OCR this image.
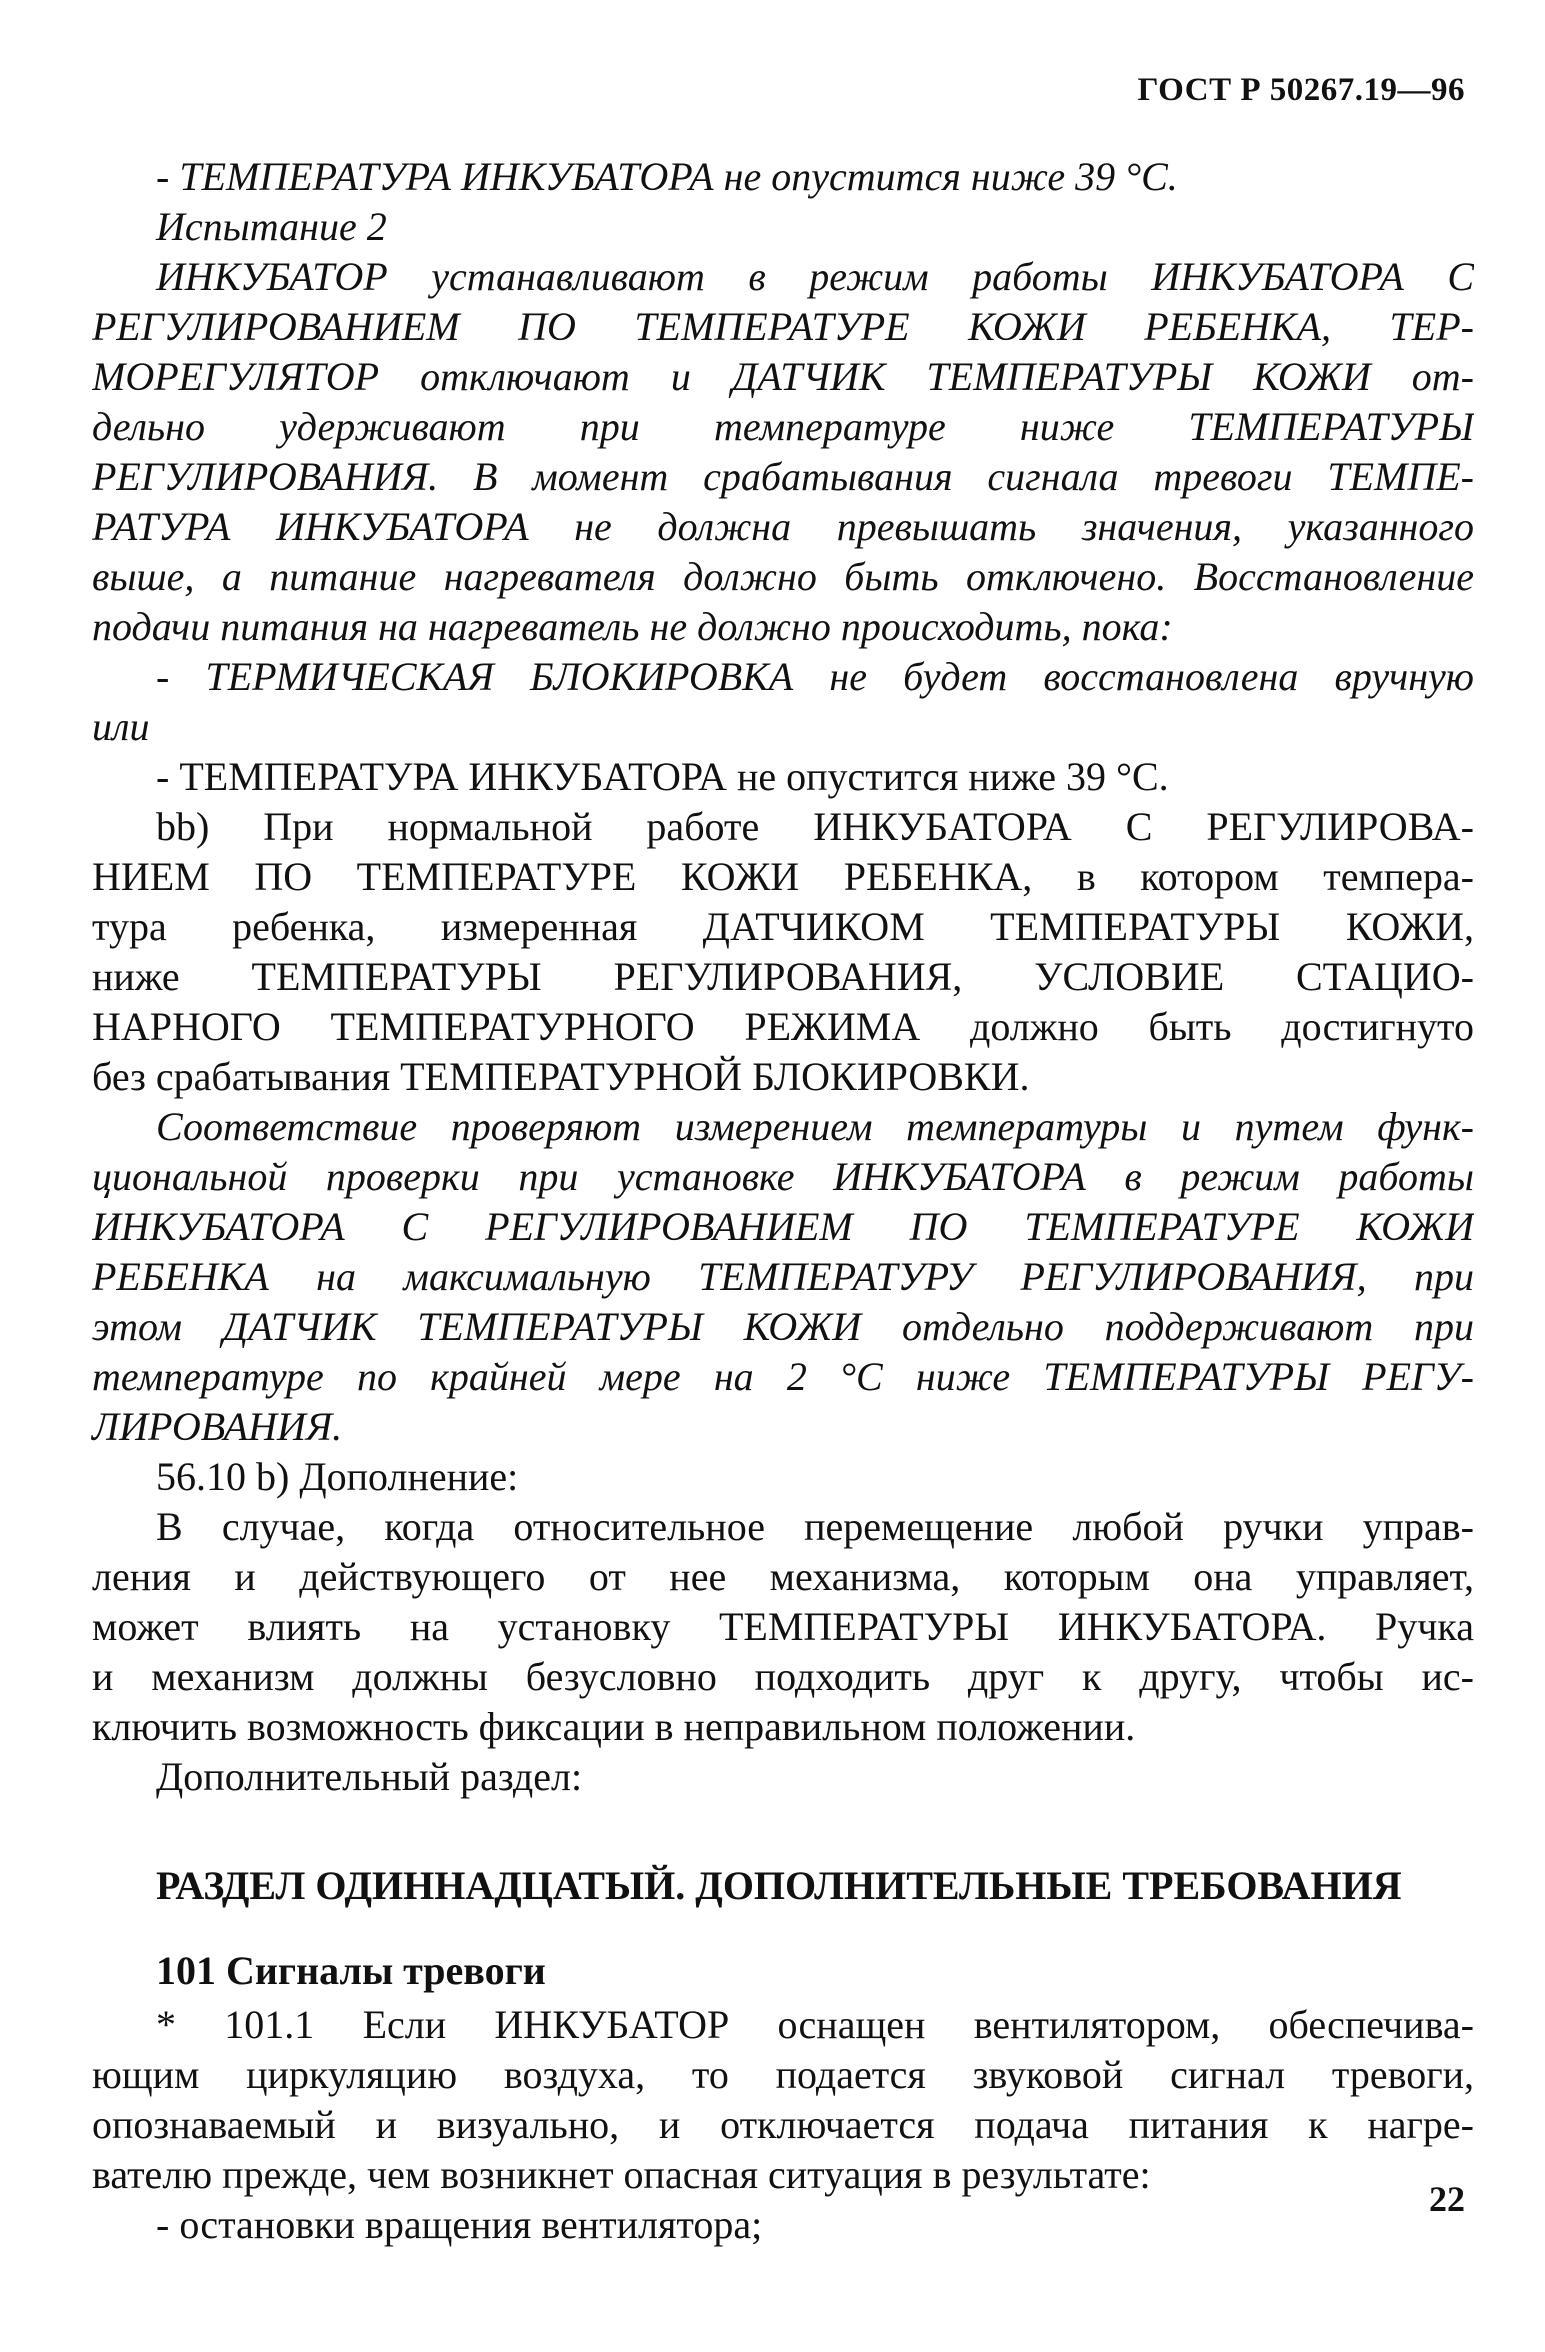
ГОСТ Р 50267.19—96
- ТЕМПЕРАТУРА ИНКУБАТОРА не опустится ниже 39 °С.
Испытание 2
ИНКУБАТОР устанавливают в режим работы ИНКУБАТОРА С
РЕГУЛИРОВАНИЕМ ПО ТЕМПЕРАТУРЕ КОЖИ РЕБЕНКА, ТЕР-
МОРЕГУЛЯТОР отключают и ДАТЧИК ТЕМПЕРАТУРЫ КОЖИ от-
дельно удерживают при температуре ниже ТЕМПЕРАТУРЫ
РЕГУЛИРОВАНИЯ. В момент срабатывания сигнала тревоги ТЕМПЕ-
РАТУРА ИНКУБАТОРА не должна превышать значения, указанного
выше, а питание нагревателя должно быть отключено. Восстановление
подачи питания на нагреватель не должно происходить, пока:
- ТЕРМИЧЕСКАЯ БЛОКИРОВКА не будет восстановлена вручную
или
- ТЕМПЕРАТУРА ИНКУБАТОРА не опустится ниже 39 °С.
bb) При нормальной работе ИНКУБАТОРА С РЕГУЛИРОВА-
НИЕМ ПО ТЕМПЕРАТУРЕ КОЖИ РЕБЕНКА, в котором темпера-
тура ребенка, измеренная ДАТЧИКОМ ТЕМПЕРАТУРЫ КОЖИ,
ниже ТЕМПЕРАТУРЫ РЕГУЛИРОВАНИЯ, УСЛОВИЕ СТАЦИО-
НАРНОГО ТЕМПЕРАТУРНОГО РЕЖИМА должно быть достигнуто
без срабатывания ТЕМПЕРАТУРНОЙ БЛОКИРОВКИ.
Соответствие проверяют измерением температуры и путем функ-
циональной проверки при установке ИНКУБАТОРА в режим работы
ИНКУБАТОРА С РЕГУЛИРОВАНИЕМ ПО ТЕМПЕРАТУРЕ КОЖИ
РЕБЕНКА на максимальную ТЕМПЕРАТУРУ РЕГУЛИРОВАНИЯ, при
этом ДАТЧИК ТЕМПЕРАТУРЫ КОЖИ отдельно поддерживают при
температуре по крайней мере на 2 °С ниже ТЕМПЕРАТУРЫ РЕГУ-
ЛИРОВАНИЯ.
56.10 b) Дополнение:
В случае, когда относительное перемещение любой ручки управ-
ления и действующего от нее механизма, которым она управляет,
может влиять на установку ТЕМПЕРАТУРЫ ИНКУБАТОРА. Ручка
и механизм должны безусловно подходить друг к другу, чтобы ис-
ключить возможность фиксации в неправильном положении.
Дополнительный раздел:
РАЗДЕЛ ОДИННАДЦАТЫЙ. ДОПОЛНИТЕЛЬНЫЕ ТРЕБОВАНИЯ
101 Сигналы тревоги
* 101.1 Если ИНКУБАТОР оснащен вентилятором, обеспечива-
ющим циркуляцию воздуха, то подается звуковой сигнал тревоги,
опознаваемый и визуально, и отключается подача питания к нагре-
вателю прежде, чем возникнет опасная ситуация в результате:
- остановки вращения вентилятора;
22
